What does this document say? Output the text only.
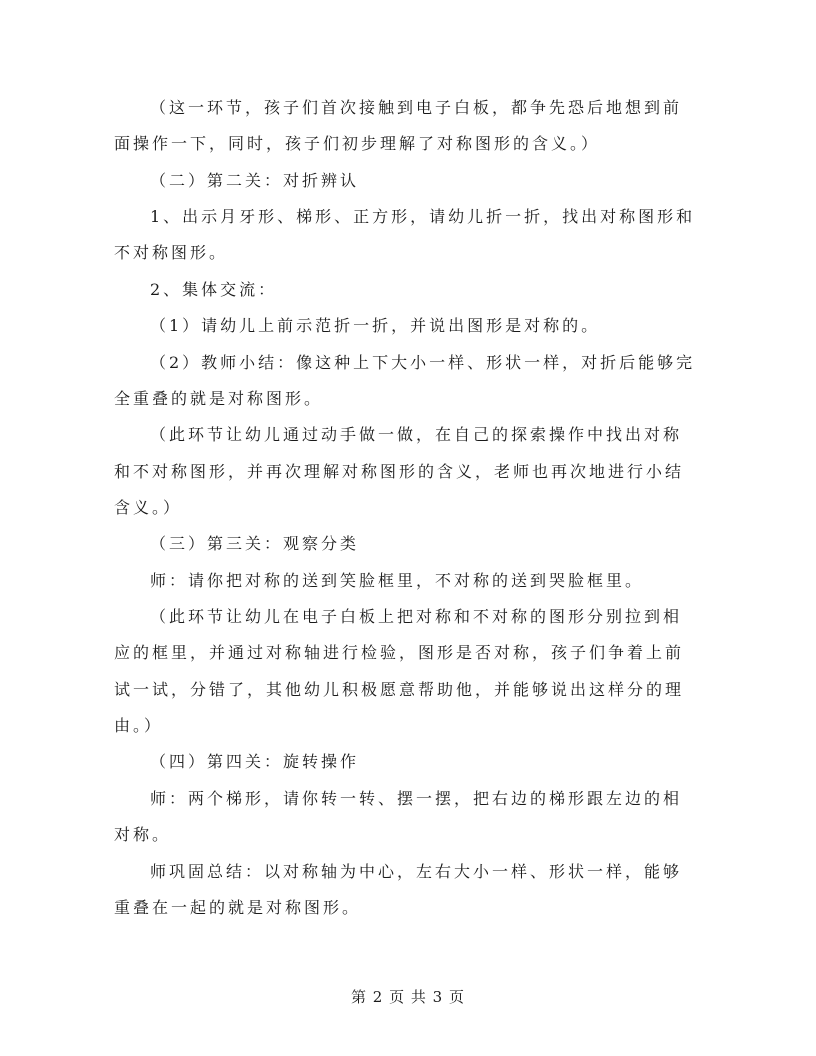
（这一环节，孩子们首次接触到电子白板，都争先恐后地想到前
面操作一下，同时，孩子们初步理解了对称图形的含义。）
（二）第二关：对折辨认
1、出示月牙形、梯形、正方形，请幼儿折一折，找出对称图形和
不对称图形。
2、集体交流：
（1）请幼儿上前示范折一折，并说出图形是对称的。
（2）教师小结：像这种上下大小一样、形状一样，对折后能够完
全重叠的就是对称图形。
（此环节让幼儿通过动手做一做，在自己的探索操作中找出对称
和不对称图形，并再次理解对称图形的含义，老师也再次地进行小结
含义。）
（三）第三关：观察分类
师：请你把对称的送到笑脸框里，不对称的送到哭脸框里。
（此环节让幼儿在电子白板上把对称和不对称的图形分别拉到相
应的框里，并通过对称轴进行检验，图形是否对称，孩子们争着上前
试一试，分错了，其他幼儿积极愿意帮助他，并能够说出这样分的理
由。）
（四）第四关：旋转操作
师：两个梯形，请你转一转、摆一摆，把右边的梯形跟左边的相
对称。
师巩固总结：以对称轴为中心，左右大小一样、形状一样，能够
重叠在一起的就是对称图形。
第 2 页 共 3 页
